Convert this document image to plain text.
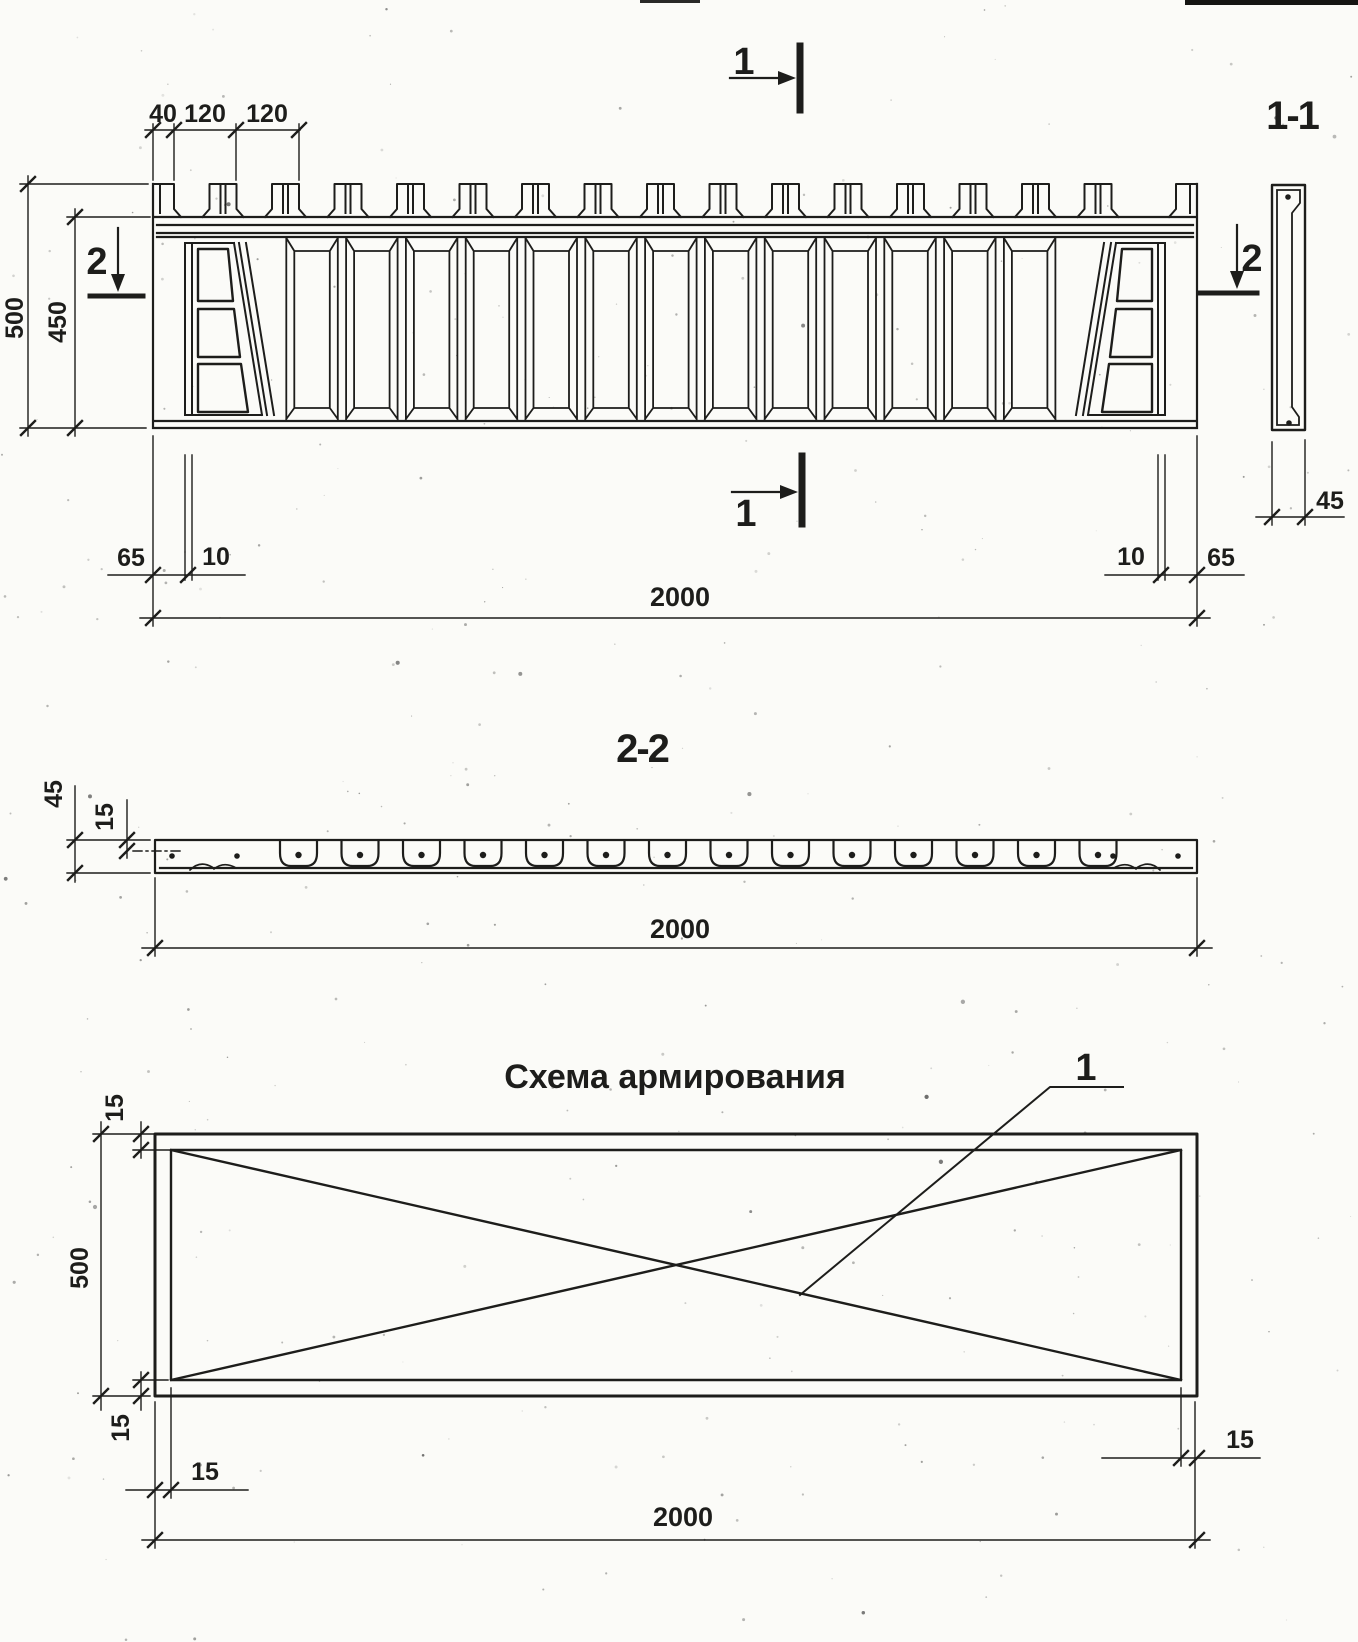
40 120 120
500 450
65 10	10 65
2000
1
1
2	2
1-1
45
2-2
45
15
2000
Схема армирования	1
15
500
15
15
15
2000
